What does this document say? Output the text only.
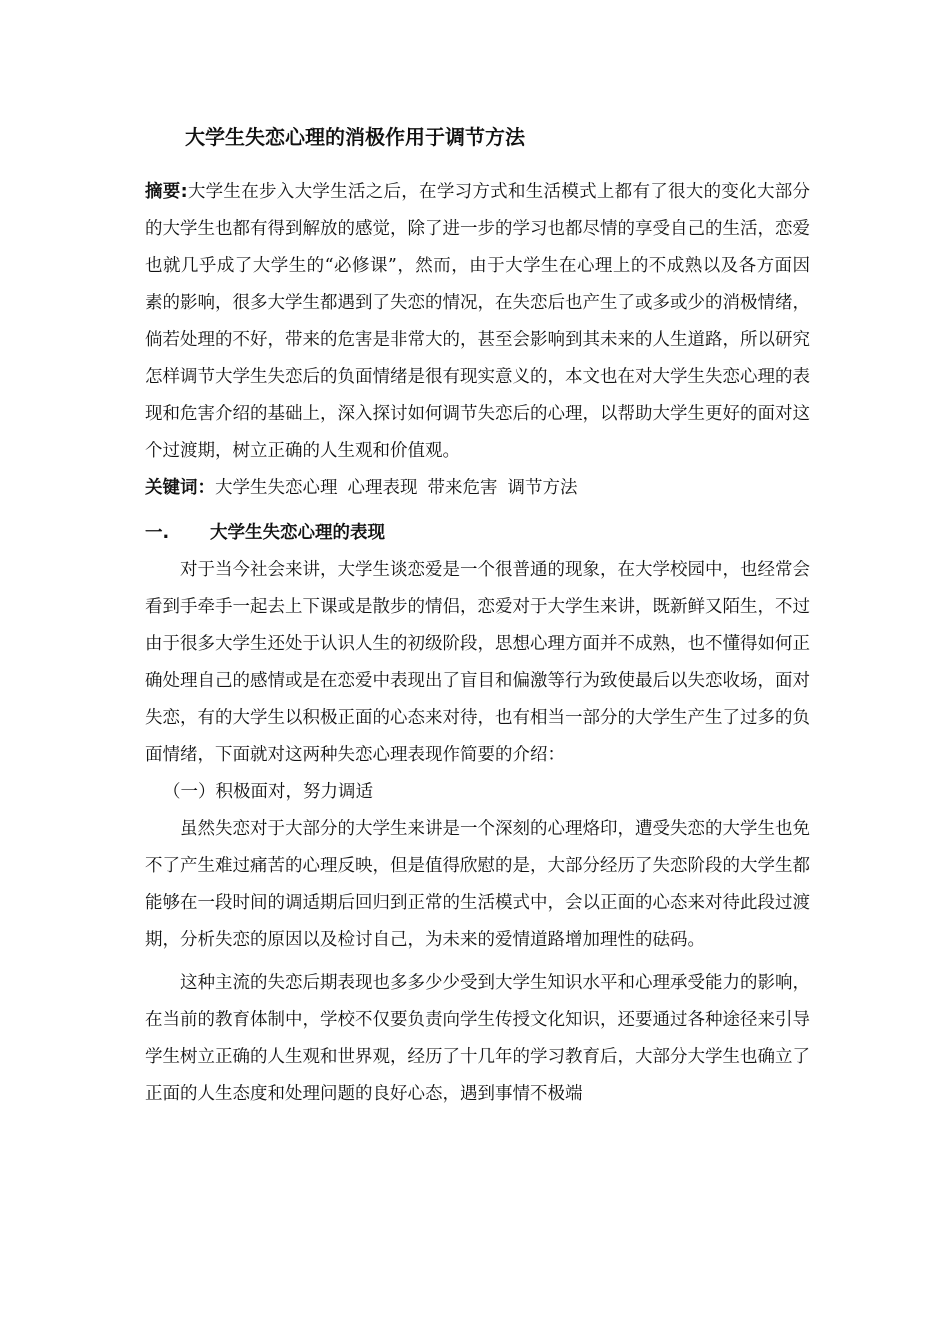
大学生失恋心理的消极作用于调节方法

摘要:大学生在步入大学生活之后，在学习方式和生活模式上都有了很大的变化大部分的大学生也都有得到解放的感觉，除了进一步的学习也都尽情的享受自己的生活，恋爱也就几乎成了大学生的“必修课”，然而，由于大学生在心理上的不成熟以及各方面因素的影响，很多大学生都遇到了失恋的情况，在失恋后也产生了或多或少的消极情绪，倘若处理的不好，带来的危害是非常大的，甚至会影响到其未来的人生道路，所以研究怎样调节大学生失恋后的负面情绪是很有现实意义的，本文也在对大学生失恋心理的表现和危害介绍的基础上，深入探讨如何调节失恋后的心理，以帮助大学生更好的面对这个过渡期，树立正确的人生观和价值观。

关键词：大学生失恋心理 心理表现 带来危害 调节方法

一. 大学生失恋心理的表现

对于当今社会来讲，大学生谈恋爱是一个很普通的现象，在大学校园中，也经常会看到手牵手一起去上下课或是散步的情侣，恋爱对于大学生来讲，既新鲜又陌生，不过由于很多大学生还处于认识人生的初级阶段，思想心理方面并不成熟，也不懂得如何正确处理自己的感情或是在恋爱中表现出了盲目和偏激等行为致使最后以失恋收场，面对失恋，有的大学生以积极正面的心态来对待，也有相当一部分的大学生产生了过多的负面情绪，下面就对这两种失恋心理表现作简要的介绍：

（一）积极面对，努力调适

虽然失恋对于大部分的大学生来讲是一个深刻的心理烙印，遭受失恋的大学生也免不了产生难过痛苦的心理反映，但是值得欣慰的是，大部分经历了失恋阶段的大学生都能够在一段时间的调适期后回归到正常的生活模式中，会以正面的心态来对待此段过渡期，分析失恋的原因以及检讨自己，为未来的爱情道路增加理性的砝码。

这种主流的失恋后期表现也多多少少受到大学生知识水平和心理承受能力的影响，在当前的教育体制中，学校不仅要负责向学生传授文化知识，还要通过各种途径来引导学生树立正确的人生观和世界观，经历了十几年的学习教育后，大部分大学生也确立了正面的人生态度和处理问题的良好心态，遇到事情不极端
